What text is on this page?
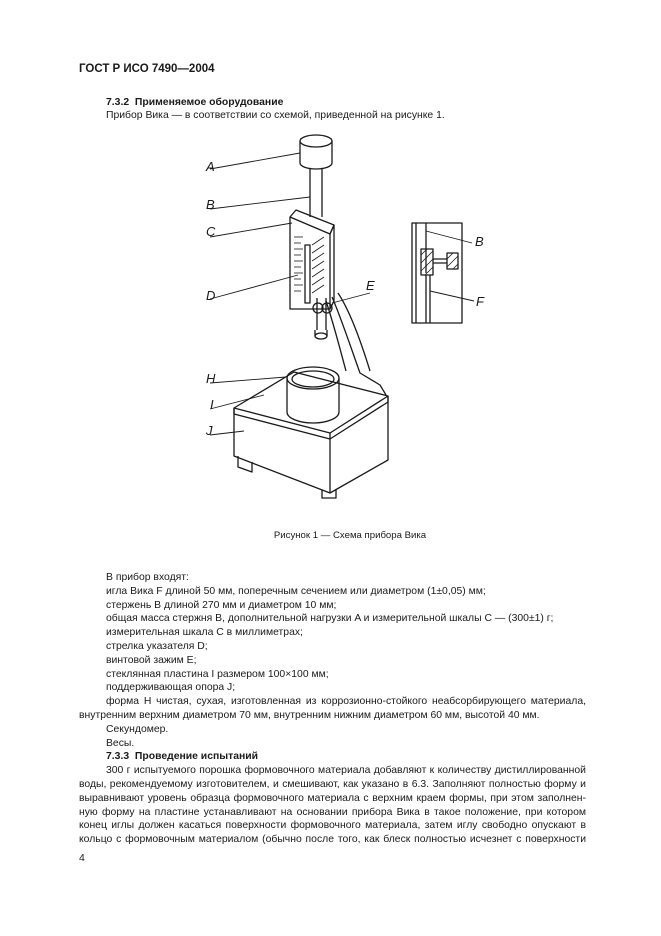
ГОСТ Р ИСО 7490—2004
7.3.2 Применяемое оборудование
Прибор Вика — в соответствии со схемой, приведенной на рисунке 1.
A
B
C
D
E
H
I
J
B
F
Рисунок 1 — Схема прибора Вика
В прибор входят:
игла Вика F длиной 50 мм, поперечным сечением или диаметром (1±0,05) мм;
стержень B длиной 270 мм и диаметром 10 мм;
общая масса стержня B, дополнительной нагрузки A и измерительной шкалы C — (300±1) г;
измерительная шкала C в миллиметрах;
стрелка указателя D;
винтовой зажим E;
стеклянная пластина I размером 100×100 мм;
поддерживающая опора J;
форма H чистая, сухая, изготовленная из коррозионно-стойкого неабсорбирующего материала,
внутренним верхним диаметром 70 мм, внутренним нижним диаметром 60 мм, высотой 40 мм.
Секундомер.
Весы.
7.3.3 Проведение испытаний
300 г испытуемого порошка формовочного материала добавляют к количеству дистиллированной
воды, рекомендуемому изготовителем, и смешивают, как указано в 6.3. Заполняют полностью форму и
выравнивают уровень образца формовочного материала с верхним краем формы, при этом заполнен-
ную форму на пластине устанавливают на основании прибора Вика в такое положение, при котором
конец иглы должен касаться поверхности формовочного материала, затем иглу свободно опускают в
кольцо с формовочным материалом (обычно после того, как блеск полностью исчезнет с поверхности
4
